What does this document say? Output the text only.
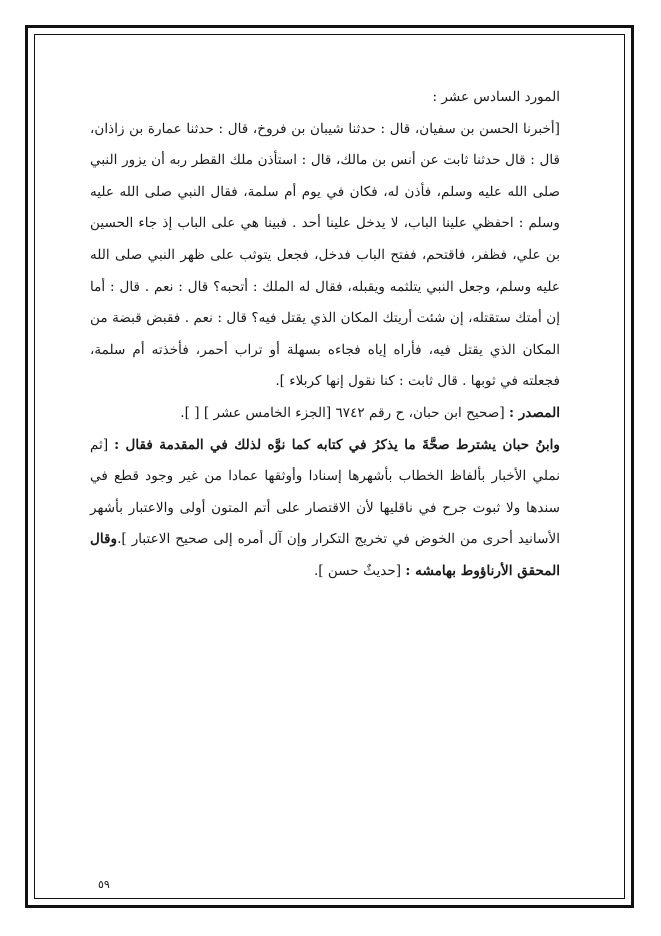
المورد السادس عشر :

[أخبرنا الحسن بن سفيان، قال : حدثنا شيبان بن فروخ، قال : حدثنا عمارة بن زاذان، قال : قال حدثنا ثابت عن أنس بن مالك، قال : استأذن ملك القطر ربه أن يزور النبي صلى الله عليه وسلم، فأذن له، فكان في يوم أم سلمة، فقال النبي صلى الله عليه وسلم : احفظي علينا الباب، لا يدخل علينا أحد . فبينا هي على الباب إذ جاء الحسين بن علي، فظفر، فاقتحم، ففتح الباب فدخل، فجعل يتوثب على ظهر النبي صلى الله عليه وسلم، وجعل النبي يتلثمه ويقبله، فقال له الملك : أتحبه؟ قال : نعم . قال : أما إن أمتك ستقتله، إن شئت أريتك المكان الذي يقتل فيه؟ قال : نعم . فقبض قبضة من المكان الذي يقتل فيه، فأراه إياه فجاءه بسهلة أو تراب أحمر، فأخذته أم سلمة، فجعلته في ثوبها . قال ثابت : كنا نقول إنها كربلاء ].

المصدر : [صحيح ابن حبان، ح رقم ٦٧٤٢ [الجزء الخامس عشر ] [ ].

وابنُ حبان يشترط صحَّةَ ما يذكرُ في كتابه كما نوَّه لذلك في المقدمة فقال : [ثم نملي الأخبار بألفاظ الخطاب بأشهرها إسنادا وأوثقها عمادا من غير وجود قطع في سندها ولا ثبوت جرح في ناقليها لأن الاقتصار على أتم المتون أولى والاعتبار بأشهر الأسانيد أحرى من الخوض في تخريج التكرار وإن آل أمره إلى صحيح الاعتبار ].وقال المحقق الأرناؤوط بهامشه : [حديثٌ حسن ].

٥٩
